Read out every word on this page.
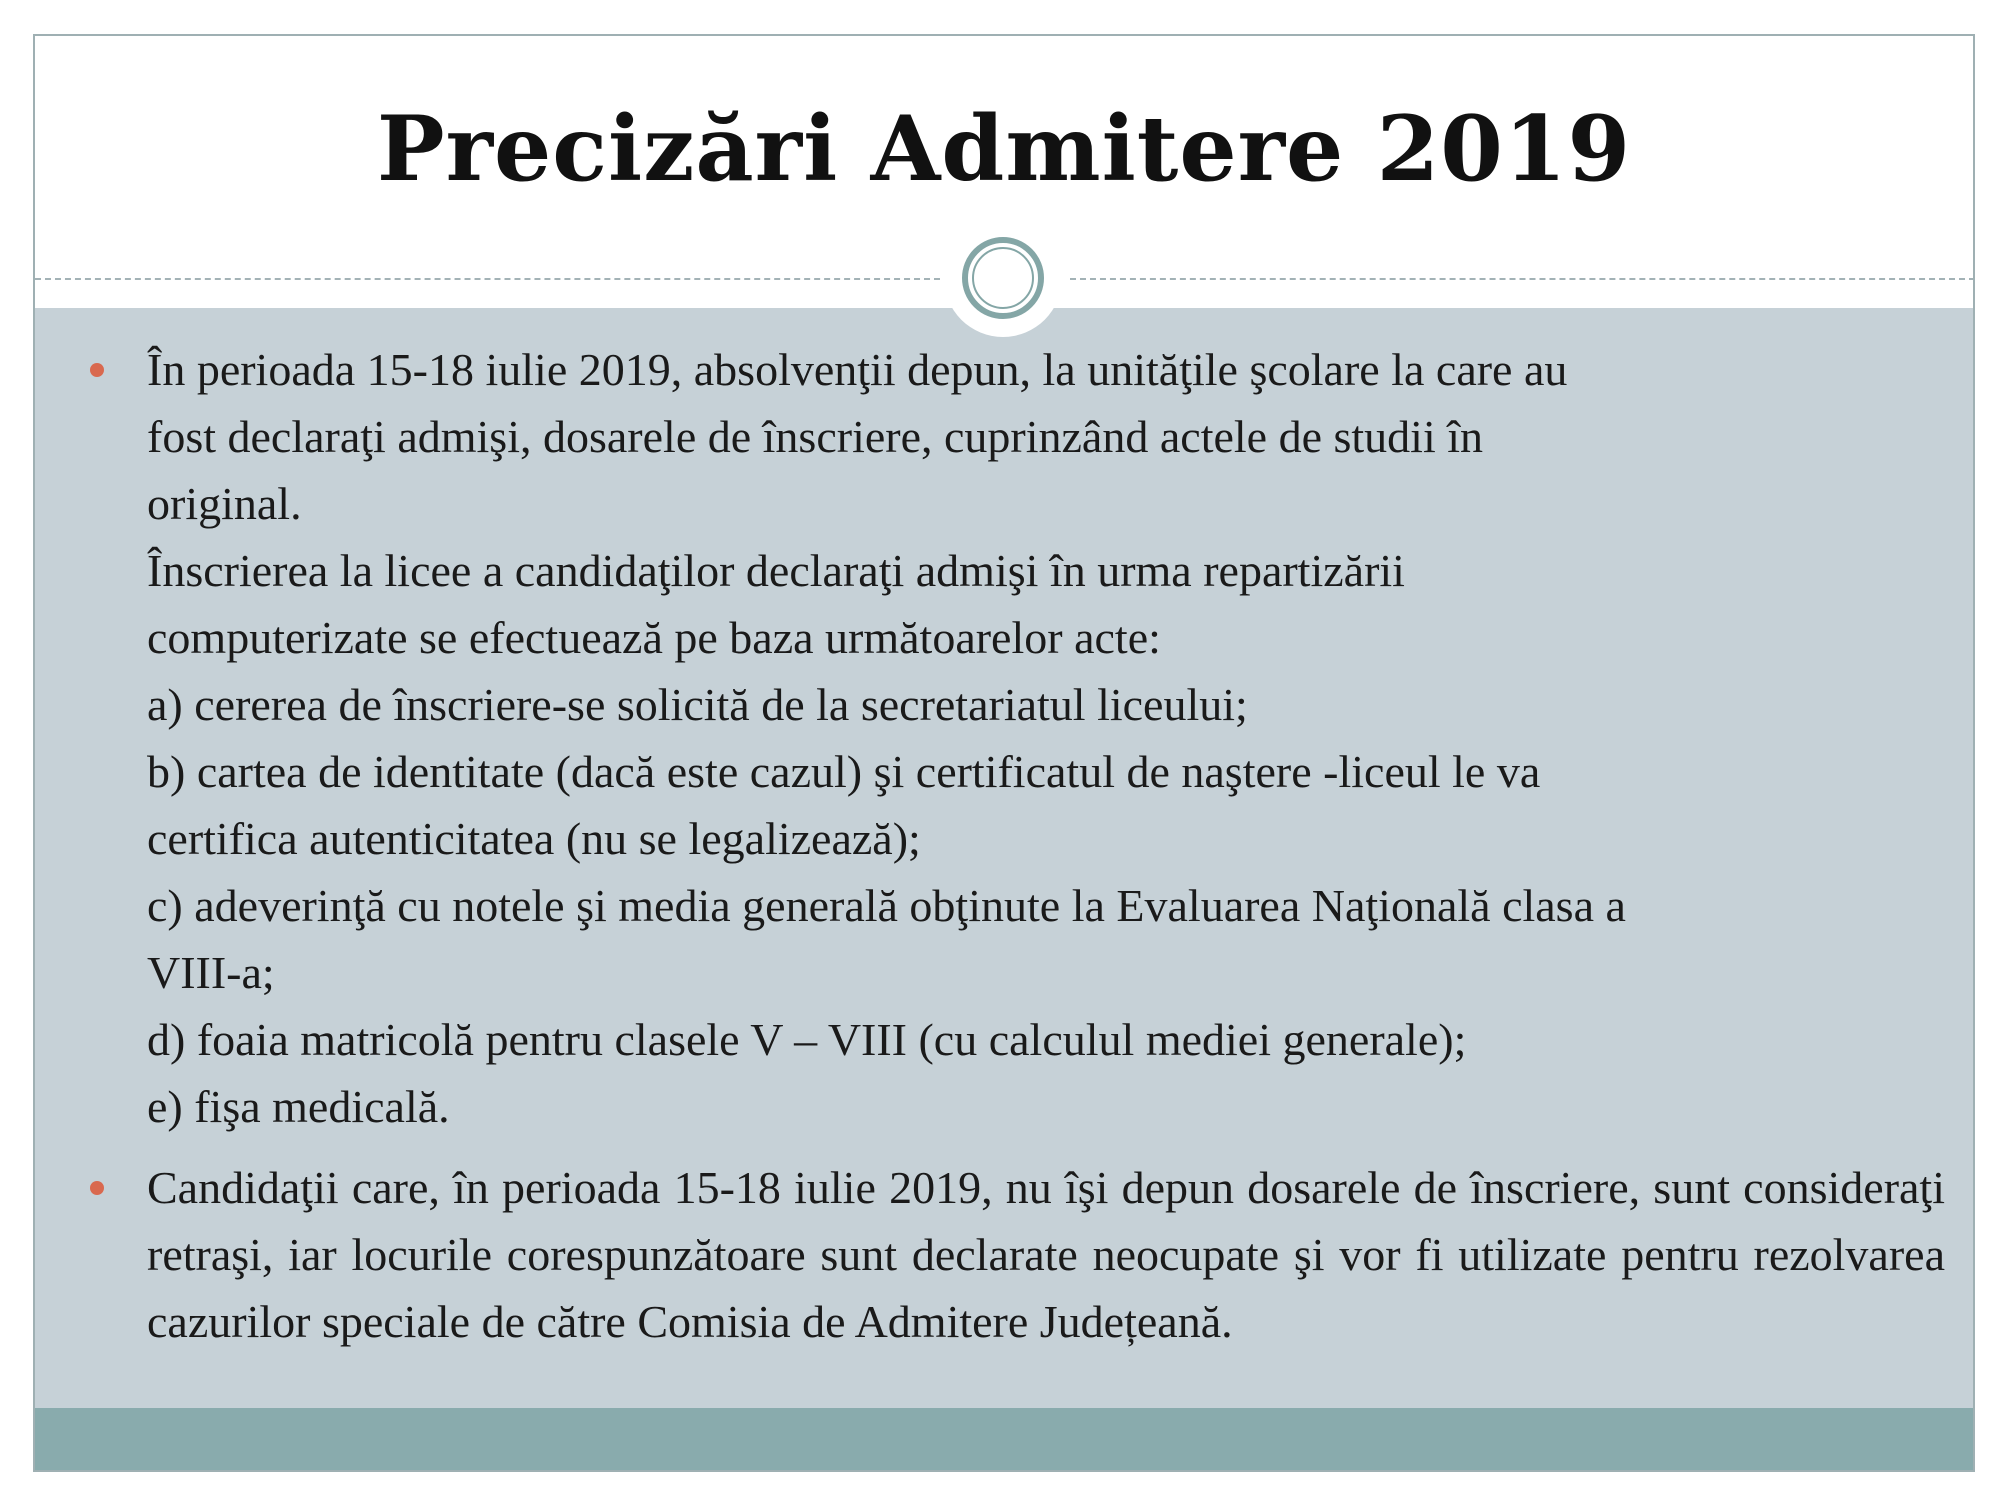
Precizări Admitere 2019
În perioada 15-18 iulie 2019, absolvenţii depun, la unităţile şcolare la care au
fost declaraţi admişi, dosarele de înscriere, cuprinzând actele de studii în
original.
Înscrierea la licee a candidaţilor declaraţi admişi în urma repartizării
computerizate se efectuează pe baza următoarelor acte:
a) cererea de înscriere-se solicită de la secretariatul liceului;
b) cartea de identitate (dacă este cazul) şi certificatul de naştere -liceul le va
certifica autenticitatea (nu se legalizează);
c) adeverinţă cu notele şi media generală obţinute la Evaluarea Naţională clasa a
VIII-a;
d) foaia matricolă pentru clasele V – VIII (cu calculul mediei generale);
e) fişa medicală.
Candidaţii care, în perioada 15-18 iulie 2019, nu îşi depun dosarele de înscriere, sunt consideraţi retraşi, iar locurile corespunzătoare sunt declarate neocupate şi vor fi utilizate pentru rezolvarea cazurilor speciale de către Comisia de Admitere Județeană.
